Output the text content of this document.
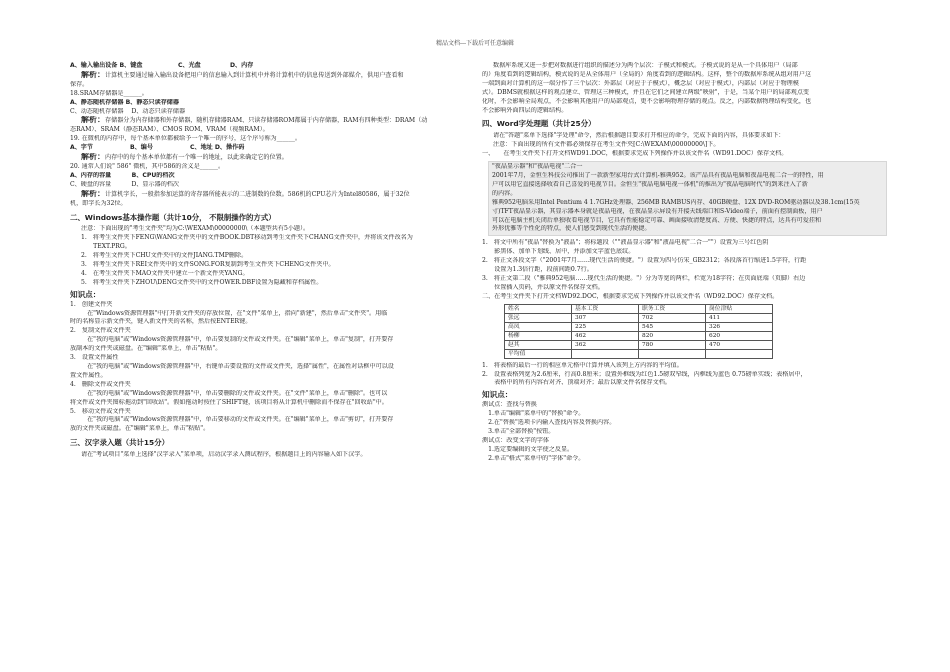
精品文档---下载后可任意编辑
A、输入输出设备 B、键盘	C、光盘	D、内存
解析：计算机主要通过输入输出设备把用户的信息输入到计算机中并将计算机中的信息传送到外部媒介，供用户查看和
保存。
18.SRAM存储器是______。
A、静态随机存储器 B、静态只读存储器
C、动态随机存储器　 D、动态只读存储器
解析：存储器分为内存储器和外存储器，随机存储器RAM、只读存储器ROM都属于内存储器，RAM有四种类型：DRAM（动
态RAM）、SRAM（静态RAM）、CMOS ROM、VRAM（视频RAM）。
19. 在微机的内存中，每个基本单位都被给予一个唯一的序号，这个序号称为______。
A、字节	B、编号	C、地址 D、操作码
解析：内存中的每个基本单位都有一个唯一的地址，以此来确定它的位置。
20. 通常人们说" 586" 微机，其中586的含义是______。
A、内存的容量　　　 B、CPU的档次
C、硬盘的容量　　　 D、显示器的档次
解析：计算机字长，一般指参加运算的寄存器所能表示的二进制数的位数。586机的CPU芯片为Intel80586，属于32位
机，即字长为32位。
二、Windows基本操作题（共计10分， 不限制操作的方式）
注意：下面出现的"考生文件夹"均为C:\WEXAM\00000000\（本题型共有5小题）。
1.　将考生文件夹下FENG\WANG文件夹中的文件BOOK.DBT移动到考生文件夹下CHANG文件夹中，并将该文件改名为
　　TEXT.PRG。
2.　将考生文件夹下CHU文件夹中的文件JIANG.TMP删除。
3.　将考生文件夹下REI文件夹中的文件SONG.FOR复制到考生文件夹下CHENG文件夹中。
4.　在考生文件夹下MAO文件夹中建立一个新文件夹YANG。
5.　将考生文件夹下ZHOU\DENG文件夹中的文件OWER.DBF设置为隐藏和存档属性。
知识点：
1.　创建文件夹
　在"Windows资源管理器"中打开新文件夹的存放位置，在"文件"菜单上，指向"新建"，然后单击"文件夹"。用临
时的名称显示新文件夹，键入新文件夹的名称，然后按ENTER键。
2.　复制文件或文件夹
　在"我的电脑"或"Windows资源管理器"中，单击要复制的文件或文件夹。在"编辑"菜单上，单击"复制"，打开要存
放副本的文件夹或磁盘。在"编辑"菜单上，单击"粘贴"。
3.　设置文件属性
　在"我的电脑"或"Windows资源管理器"中，右键单击要设置的文件或文件夹，选择"属性"，在属性对话框中可以设
置文件属性。
4.　删除文件或文件夹
　在"我的电脑"或"Windows资源管理器"中，单击要删除的文件或文件夹。在"文件"菜单上，单击"删除"。也可以
将文件或文件夹图标拖动到"回收站"。假如拖动时按住了SHIFT键，该项目将从计算机中删除而不保存在"回收站"中。
5.　移动文件或文件夹
　在"我的电脑"或"Windows资源管理器"中，单击要移动的文件或文件夹。在"编辑"菜单上，单击"剪切"，打开要存
放的文件夹或磁盘。在"编辑"菜单上，单击"粘贴"。
三、汉字录入题（共计15分）
请在"考试项目"菜单上选择"汉字录入"菜单项，启动汉字录入测试程序，根据题目上的内容输入如下汉字。
数据库系统又进一步把对数据进行组织的描述分为两个层次：子模式和模式。子模式说的是从一个具体用户（局部
的）角度看到的逻辑结构，模式说的是从全体用户（全局的）角度看到的逻辑结构。这样，整个的数据库系统从组对用户这
一端到面对计算机的这一端分作了三个层次：外部层（对应于子模式），概念层（对应于模式），内部层（对应于物理模
式）。DBMS就根据这样的观点建立、管理这三种模式，并且在它们之间建立两级"映射"，于是，当某个用户的局部观点变
化时，不会影响全局观点，不会影响其他用户的局部观点，更不会影响物理存储的观点。反之，内部数据物理结构变化，也
不会影响外面四层的逻辑结构。
四、Word字处理题（共计25分）
请在"答题"菜单下选择"字处理"命令，然后根据题目要求打开相应的命令，完成下面的内容，具体要求如下：
注意：下面出现的所有文件都必须保存在考生文件夹[C:\WEXAM\00000000\]下。
一、　　在考生文件夹下打开文档WD91.DOC，根据要求完成下列操作并以该文件名（WD91.DOC）保存文档。
"夜晶显示器"和"夜晶电视"二合一
2001年7月，金恒生科技公司推出了一款新型家用台式计算机-雅典952。该产品具有夜晶电脑和夜晶电视二合一的特性，用
户可以用它直接选择收看自己喜爱的电视节目。金恒生"夜晶电脑电视一体机"的推出为"夜晶电脑时代"的到来注入了新
的内容。
雅典952电脑采用Intel Pentium 4 1.7GHz处理器、256MB RAMBUS内存、40GB硬盘、12X DVD-ROM驱动器以及38.1cm(15英
寸)TFT夜晶显示器，其显示器本身就是夜晶电视，在夜晶显示屏设有开接天线端口和S-Video端子，前面有控制面板，用户
可以在电脑主机关闭后单独收看电视节目，它具有性能稳定可靠、画面接收清楚度高、方便、快捷的特点，达具有可爱挂和
外形优雅等个性化的特点，使人们感受到现代生活的便捷。
1.　将文中所有"夜晶"替换为"液晶"；将标题段（""液晶显示器"和"液晶电视"二合一""）设置为三号红色阴
　　影黑体、加单下划线、居中，并添加文字蓝色底纹。
2.　将正文各段文字（"2001年7月……现代生活的便捷。"）设置为四号仿宋_GB2312；各段落首行缩进1.5字符，行距
　　设置为1.3倍行距，段前间距0.7行。
3.　将正文第二段（"雅典952电脑……现代生活的便捷。"）分为等宽的两栏，栏宽为18字符；在页面底端（页脚）右边
　　位置插入页码，并以原文件名保存文档。
二、在考生文件夹下打开文档WD92.DOC，根据要求完成下列操作并以该文件名（WD92.DOC）保存文档。
姓名	基本工资	职务工资	岗位津贴
张远	307	702	411
高凤	225	545	326
杨柳	462	820	620
赵其	362	780	470
平均值			
1.　将表格的最后一行的相应单元格中计算并填入该列上方内容的平均值。
2.　设置表格列宽为2.6厘米，行高0.8厘米；设置外框线为红色1.5磅双窄线，内框线为蓝色 0.75磅单实线；表格居中，
　　表格中的所有内容右对齐、顶端对齐；最后以原文件名保存文档。
知识点：
测试点：查找与替换
　1.单击"编辑"菜单中的"替换"命令。
　2.在"替换"选项卡内输入查找内容及替换内容。
　3.单击"全部替换"按钮。
测试点：改变文字的字体
　1.选定要编辑的文字使之反显。
　2.单击"格式"菜单中的"字体"命令。
